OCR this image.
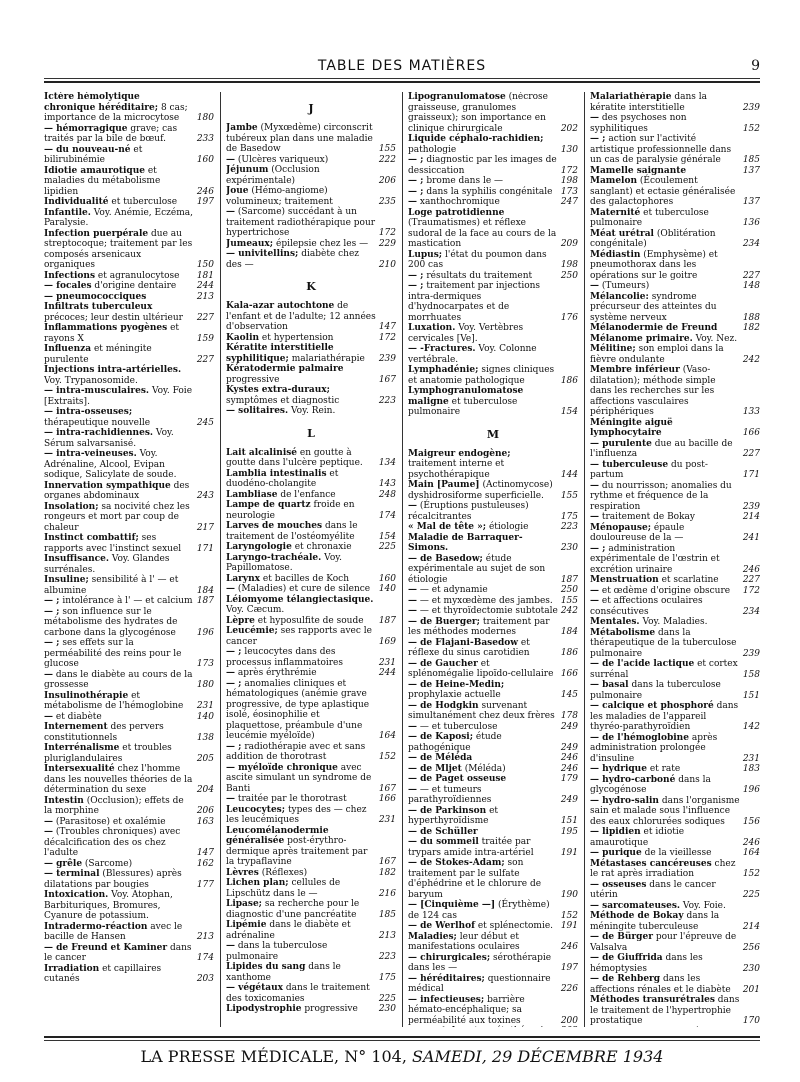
TABLE DES MATIÈRES	9
Ictère hémolytique chronique héréditaire; 8 cas; importance de la microcytose	180
— hémorragique grave; cas traités par la bile de bœuf.	233
— du nouveau-né et bilirubinémie	160
Idiotie amaurotique et maladies du métabolisme lipidien	246
Individualité et tuberculose	197
Infantile. Voy. Anémie, Eczéma, Paralysie.
Infection puerpérale due au streptocoque; traitement par les composés arsenicaux organiques	150
Infections et agranulocytose	181
— focales d'origine dentaire	244
— pneumococciques	213
Infiltrats tuberculeux précoces; leur destin ultérieur	227
Inflammations pyogènes et rayons X	159
Influenza et méningite purulente	227
Injections intra-artérielles. Voy. Trypanosomide.
— intra-musculaires. Voy. Foie [Extraits].
— intra-osseuses; thérapeutique nouvelle	245
— intra-rachidiennes. Voy. Sérum salvarsanisé.
— intra-veineuses. Voy. Adrénaline, Alcool, Evipan sodique, Salicylate de soude.
Innervation sympathique des organes abdominaux	243
Insolation; sa nocivité chez les rongeurs et mort par coup de chaleur	217
Instinct combattif; ses rapports avec l'instinct sexuel	171
Insuffisance. Voy. Glandes surrénales.
Insuline; sensibilité à l' — et albumine	184
— ; intolérance à l' — et calcium 187
— ; son influence sur le métabolisme des hydrates de carbone dans la glycogénose	196
— ; ses effets sur la perméabilité des reins pour le glucose	173
— dans le diabète au cours de la grossesse	180
Insulinothérapie et métabolisme de l'hémoglobine	231
— et diabète	140
Internement des pervers constitutionnels	138
Interrénalisme et troubles pluriglandulaires	205
Intersexualité chez l'homme dans les nouvelles théories de la détermination du sexe	204
Intestin (Occlusion); effets de la morphine	206
— (Parasitose) et oxalémie	163
— (Troubles chroniques) avec décalcification des os chez l'adulte	147
— grêle (Sarcome)	162
— terminal (Blessures) après dilatations par bougies	177
Intoxication. Voy. Atophan, Barbituriques, Bromures, Cyanure de potassium.
Intradermo-réaction avec le bacille de Hansen	213
— de Freund et Kaminer dans le cancer	174
Irradiation et capillaires cutanés	203
J
Jambe (Myxœdème) circonscrit tubéreux plan dans une maladie de Basedow	155
— (Ulcères variqueux)	222
Jéjunum (Occlusion expérimentale)	206
Joue (Hémo-angiome) volumineux; traitement	235
— (Sarcome) succédant à un traitement radiothérapique pour hypertrichose	172
Jumeaux; épilepsie chez les —	229
— univitellins; diabète chez des —	210
K
Kala-azar autochtone de l'enfant et de l'adulte; 12 années d'observation	147
Kaolin et hypertension	172
Kératite interstitielle syphilitique; malariathérapie	239
Kératodermie palmaire progressive	167
Kystes extra-duraux; symptômes et diagnostic	223
— solitaires. Voy. Rein.
L
Lait alcalinisé en goutte à goutte dans l'ulcère peptique.	134
Lamblia intestinalis et duodéno-cholangite	143
Lambliase de l'enfance	248
Lampe de quartz froide en neurologie	174
Larves de mouches dans le traitement de l'ostéomyélite	154
Laryngologie et chronaxie	225
Laryngo-trachéale. Voy. Papillomatose.
Larynx et bacilles de Koch	160
— (Maladies) et cure de silence 140
Léiomyome télangiectasique. Voy. Cæcum.
Lèpre et hyposulfite de soude	187
Leucémie; ses rapports avec le cancer	169
— ; leucocytes dans des processus inflammatoires	231
— après érythrémie	244
— ; anomalies cliniques et hématologiques (anémie grave progressive, de type aplastique isolé, éosinophilie et plaquettose, préambule d'une leucémie myéloïde)	164
— ; radiothérapie avec et sans addition de thorotrast	152
— myéloïde chronique avec ascite simulant un syndrome de Banti	167
— traitée par le thorotrast	166
Leucocytes; types des — chez les leucémiques	231
Leucomélanodermie généralisée post-érythro-dermique après traitement par la trypaflavine	167
Lèvres (Réflexes)	182
Lichen plan; cellules de Lipschütz dans le —	216
Lipase; sa recherche pour le diagnostic d'une pancréatite	185
Lipémie dans le diabète et adrénaline	213
— dans la tuberculose pulmonaire	223
Lipides du sang dans le xanthome	175
— végétaux dans le traitement des toxicomanies	225
Lipodystrophie progressive	230
Lipogranulomatose (nécrose graisseuse, granulomes graisseux); son importance en clinique chirurgicale	202
Liquide céphalo-rachidien; pathologie	130
— ; diagnostic par les images de dessiccation	172
— ; brome dans le —	198
— ; dans la syphilis congénitale 173
— xanthochromique	247
Loge patrotidienne (Traumatismes) et réflexe sudoral de la face au cours de la mastication	209
Lupus; l'état du poumon dans 200 cas	198
— ; résultats du traitement	250
— ; traitement par injections intra-dermiques d'hydnocarpates et de morrhuates	176
Luxation. Voy. Vertèbres cervicales [Ve].
— -Fractures. Voy. Colonne vertébrale.
Lymphadénie; signes cliniques et anatomie pathologique	186
Lymphogranulomatose maligne et tuberculose pulmonaire	154
M
Maigreur endogène; traitement interne et psychothérapique	144
Main [Paume] (Actinomycose) dyshidrosiforme superficielle.	155
— (Éruptions pustuleuses) récalcitrantes	175
« Mal de tête »; étiologie	223
Maladie de Barraquer-Simons.	230
— de Basedow; étude expérimentale au sujet de son étiologie	187
— — et adynamie	250
— — et myxœdème des jambes. 155
— — et thyroïdectomie subtotale 242
— de Buerger; traitement par les méthodes modernes	184
— de Flajani-Basedow et réflexe du sinus carotidien	186
— de Gaucher et splénomégalie lipoïdo-cellulaire 166
— de Heine-Medin; prophylaxie actuelle	145
— de Hodgkin survenant simultanément chez deux frères 178
— — et tuberculose	249
— de Kaposi; étude pathogénique	249
— de Méléda	246
— de Mljet (Méléda)	246
— de Paget osseuse	179
— — et tumeurs parathyroïdiennes	249
— de Parkinson et hyperthyroïdisme	151
— de Schüller	195
— du sommeil traitée par trypars amide intra-artériel	191
— de Stokes-Adam; son traitement par le sulfate d'éphédrine et le chlorure de baryum	190
— [Cinquième —] (Érythème) de 124 cas	152
— de Werlhof et splénectomie. 191
Maladies; leur début et manifestations oculaires	246
— chirurgicales; sérothérapie dans les —	197
— héréditaires; questionnaire médical	226
— infectieuses; barrière hémato-encéphalique; sa perméabilité aux toxines	200
Malariathérapie dans la kératite interstitielle	239
— des psychoses non syphilitiques	152
— ; action sur l'activité artistique professionnelle dans un cas de paralysie générale	185
Mamelle saignante	137
Mamelon (Écoulement sanglant) et ectasie généralisée des galactophores	137
Maternité et tuberculose pulmonaire	136
Méat urétral (Oblitération congénitale)	234
Médiastin (Emphysème) et pneumothorax dans les opérations sur le goitre	227
— (Tumeurs)	148
Mélancolie: syndrome précurseur des atteintes du système nerveux	188
Mélanodermie de Freund	182
Mélanome primaire. Voy. Nez.
Mélitine; son emploi dans la fièvre ondulante	242
Membre inférieur (Vaso-dilatation); méthode simple dans les recherches sur les affections vasculaires périphériques	133
Méningite aiguë lymphocytaire	166
— purulente due au bacille de l'influenza	227
— tuberculeuse du post-partum	171
— du nourrisson; anomalies du rythme et fréquence de la respiration	239
— traitement de Bokay	214
Ménopause; épaule douloureuse de la —	241
— ; administration expérimentale de l'œstrin et excrétion urinaire	246
Menstruation et scarlatine	227
— et œdème d'origine obscure	172
— et affections oculaires consécutives	234
Mentales. Voy. Maladies.
Métabolisme dans la thérapeutique de la tuberculose pulmonaire	239
— de l'acide lactique et cortex surrénal	158
— basal dans la tuberculose pulmonaire	151
— calcique et phosphoré dans les maladies de l'appareil thyréo-parathyroïdien	142
— de l'hémoglobine après administration prolongée d'insuline	231
— hydrique et rate	183
— hydro-carboné dans la glycogénose	196
— hydro-salin dans l'organisme sain et malade sous l'influence des eaux chlorurées sodiques	156
— lipidien et idiotie amaurotique	246
— purique de la vieillesse	164
Métastases cancéreuses chez le rat après irradiation	152
— osseuses dans le cancer utérin	225
— sarcomateuses. Voy. Foie.
Méthode de Bokay dans la méningite tuberculeuse	214
— de Bürger pour l'épreuve de Valsalva	256
— de Giuffrida dans les hémoptysies	230
— de Rehberg dans les affections rénales et le diabète	201
Méthodes transurétrales dans le traitement de l'hypertrophie prostatique	170
LA PRESSE MÉDICALE, N° 104, SAMEDI, 29 DÉCEMBRE 1934
